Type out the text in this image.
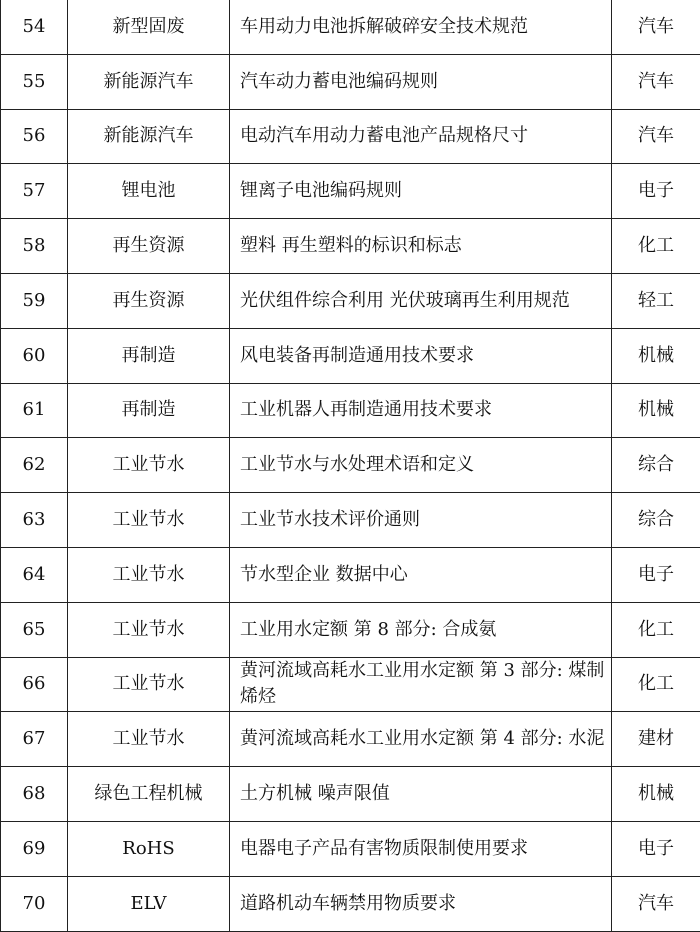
54	新型固废	车用动力电池拆解破碎安全技术规范	汽车
55	新能源汽车	汽车动力蓄电池编码规则	汽车
56	新能源汽车	电动汽车用动力蓄电池产品规格尺寸	汽车
57	锂电池	锂离子电池编码规则	电子
58	再生资源	塑料 再生塑料的标识和标志	化工
59	再生资源	光伏组件综合利用 光伏玻璃再生利用规范	轻工
60	再制造	风电装备再制造通用技术要求	机械
61	再制造	工业机器人再制造通用技术要求	机械
62	工业节水	工业节水与水处理术语和定义	综合
63	工业节水	工业节水技术评价通则	综合
64	工业节水	节水型企业 数据中心	电子
65	工业节水	工业用水定额 第 8 部分: 合成氨	化工
66	工业节水	黄河流域高耗水工业用水定额 第 3 部分: 煤制烯烃	化工
67	工业节水	黄河流域高耗水工业用水定额 第 4 部分: 水泥	建材
68	绿色工程机械	土方机械 噪声限值	机械
69	RoHS	电器电子产品有害物质限制使用要求	电子
70	ELV	道路机动车辆禁用物质要求	汽车
